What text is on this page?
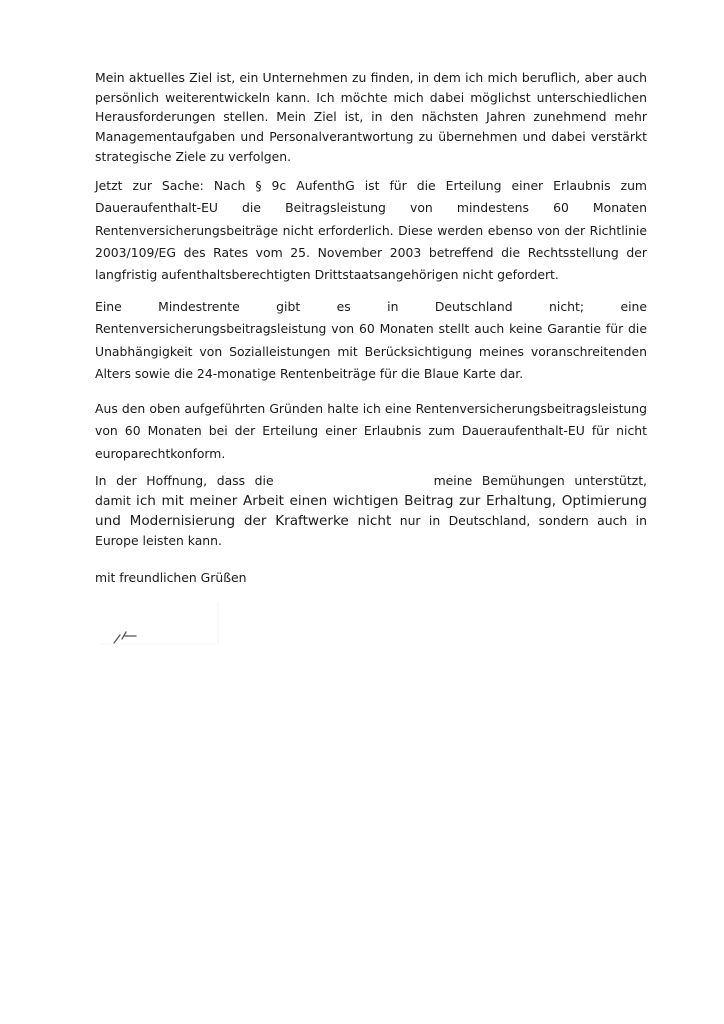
Mein aktuelles Ziel ist, ein Unternehmen zu finden, in dem ich mich beruflich, aber auch persönlich weiterentwickeln kann. Ich möchte mich dabei möglichst unterschiedlichen Herausforderungen stellen. Mein Ziel ist, in den nächsten Jahren zunehmend mehr Managementaufgaben und Personalverantwortung zu übernehmen und dabei verstärkt strategische Ziele zu verfolgen.

Jetzt zur Sache: Nach § 9c AufenthG ist für die Erteilung einer Erlaubnis zum Daueraufenthalt-EU die Beitragsleistung von mindestens 60 Monaten Rentenversicherungsbeiträge nicht erforderlich. Diese werden ebenso von der Richtlinie 2003/109/EG des Rates vom 25. November 2003 betreffend die Rechtsstellung der langfristig aufenthaltsberechtigten Drittstaatsangehörigen nicht gefordert.

Eine Mindestrente gibt es in Deutschland nicht; eine Rentenversicherungsbeitragsleistung von 60 Monaten stellt auch keine Garantie für die Unabhängigkeit von Sozialleistungen mit Berücksichtigung meines voranschreitenden Alters sowie die 24-monatige Rentenbeiträge für die Blaue Karte dar.

Aus den oben aufgeführten Gründen halte ich eine Rentenversicherungsbeitragsleistung von 60 Monaten bei der Erteilung einer Erlaubnis zum Daueraufenthalt-EU für nicht europarechtkonform.

In der Hoffnung, dass die	meine Bemühungen unterstützt, damit ich mit meiner Arbeit einen wichtigen Beitrag zur Erhaltung, Optimierung und Modernisierung der Kraftwerke nicht nur in Deutschland, sondern auch in Europe leisten kann.

mit freundlichen Grüßen
